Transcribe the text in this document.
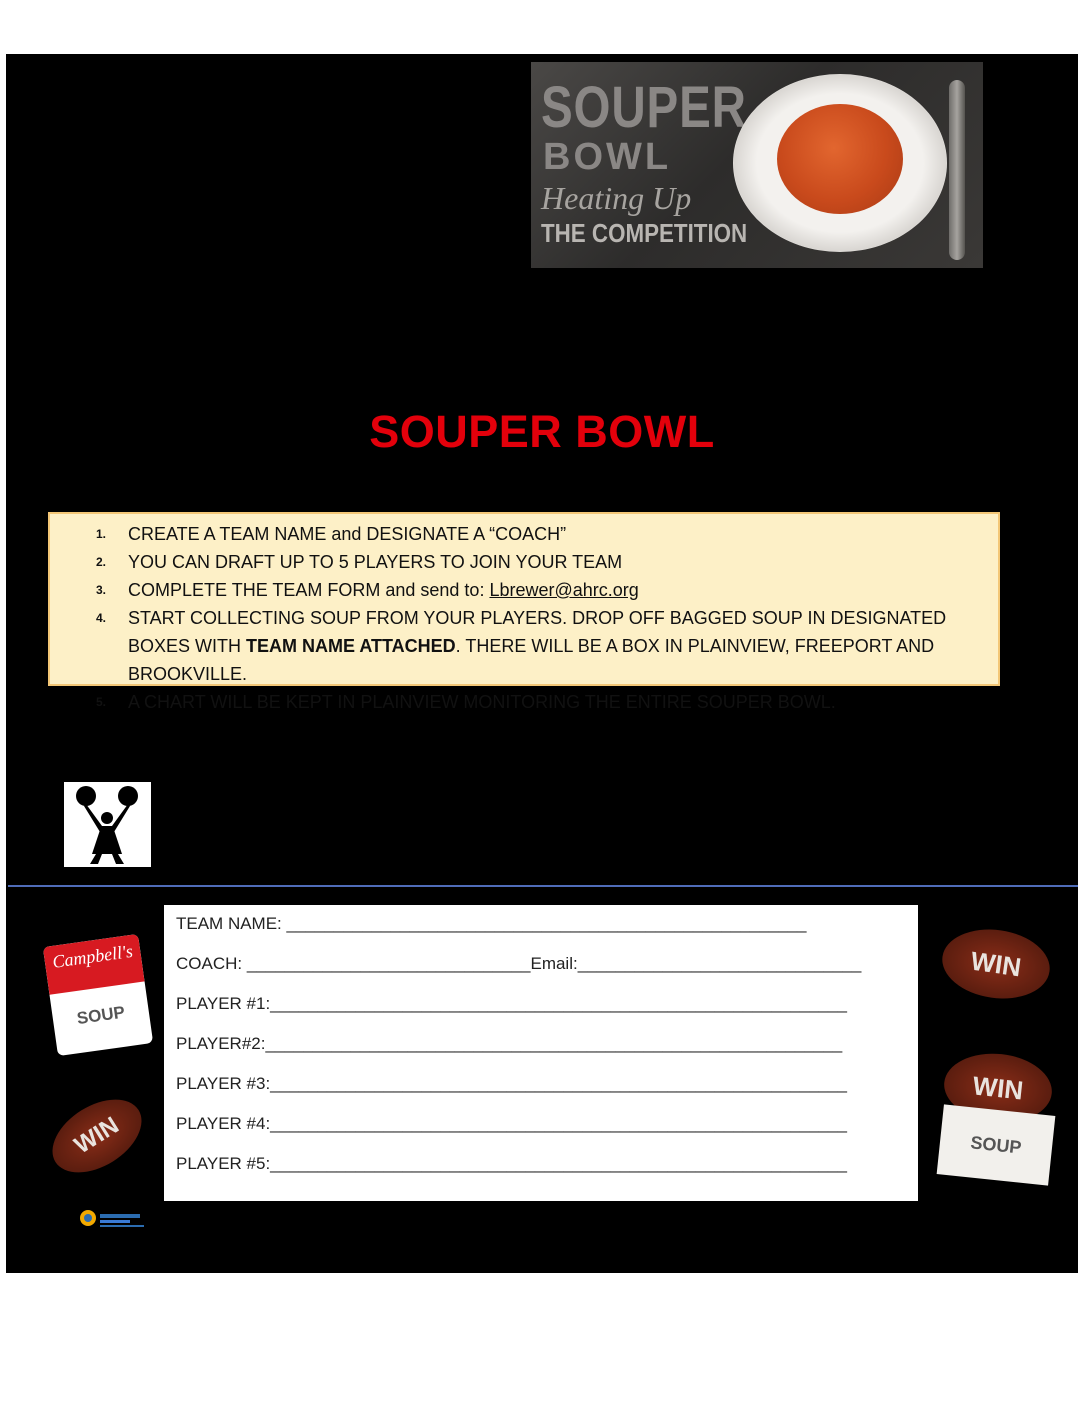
SOUPER
BOWL
Heating Up
THE COMPETITION
SOUPER BOWL
1. CREATE A TEAM NAME and DESIGNATE A “COACH”
2. YOU CAN DRAFT UP TO 5 PLAYERS TO JOIN YOUR TEAM
3. COMPLETE THE TEAM FORM and send to: Lbrewer@ahrc.org
4. START COLLECTING SOUP FROM YOUR PLAYERS. DROP OFF BAGGED SOUP IN DESIGNATED BOXES WITH TEAM NAME ATTACHED. THERE WILL BE A BOX IN PLAINVIEW, FREEPORT AND BROOKVILLE.
5. A CHART WILL BE KEPT IN PLAINVIEW MONITORING THE ENTIRE SOUPER BOWL.
TEAM NAME: _______________________________________________________
COACH: ______________________________Email:______________________________
PLAYER #1:_____________________________________________________________
PLAYER#2:_____________________________________________________________
PLAYER #3:_____________________________________________________________
PLAYER #4:_____________________________________________________________
PLAYER #5:_____________________________________________________________
Campbell's
SOUP
WIN
WIN
WIN
SOUP
